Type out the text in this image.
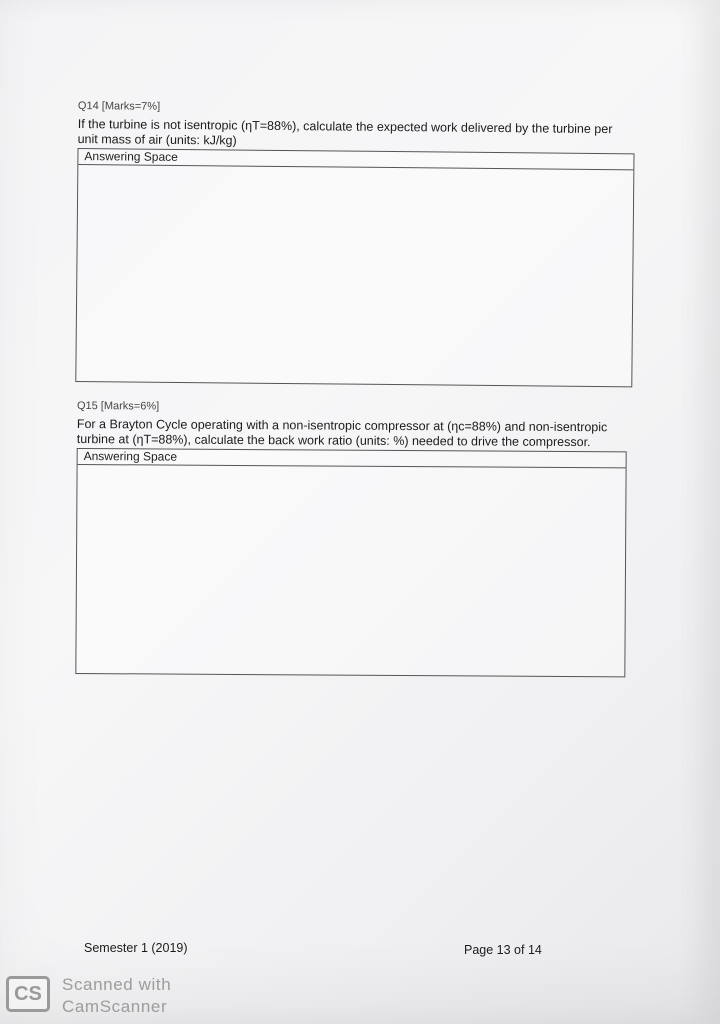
Q14 [Marks=7%]
If the turbine is not isentropic (ηT=88%), calculate the expected work delivered by the turbine per unit mass of air (units: kJ/kg)
Answering Space
Q15 [Marks=6%]
For a Brayton Cycle operating with a non-isentropic compressor at (ηc=88%) and non-isentropic turbine at (ηT=88%), calculate the back work ratio (units: %) needed to drive the compressor.
Answering Space
Semester 1 (2019)	Page 13 of 14
CS	Scanned with
CamScanner
